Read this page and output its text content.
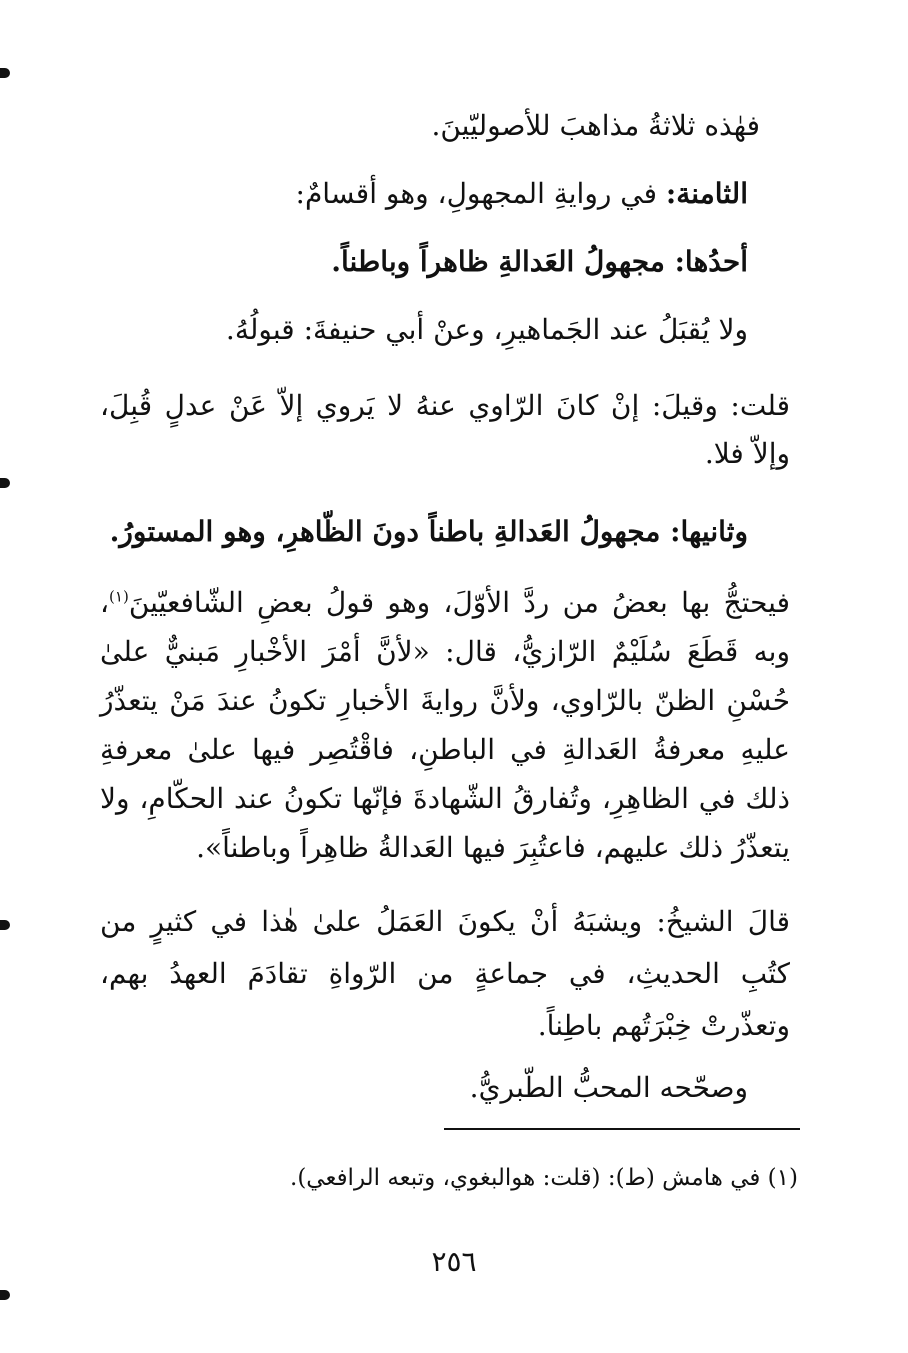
فهٰذه ثلاثةُ مذاهبَ للأصوليّينَ.
الثامنة: في روايةِ المجهولِ، وهو أقسامٌ:
أحدُها: مجهولُ العَدالةِ ظاهراً وباطناً.
ولا يُقبَلُ عند الجَماهيرِ، وعنْ أبي حنيفةَ: قبولُهُ.
قلت: وقيلَ: إنْ كانَ الرّاوي عنهُ لا يَروي إلاّ عَنْ عدلٍ قُبِلَ، وإلاّ فلا.
وثانيها: مجهولُ العَدالةِ باطناً دونَ الظّاهرِ، وهو المستورُ.
فيحتجُّ بها بعضُ من ردَّ الأوّلَ، وهو قولُ بعضِ الشّافعيّينَ$^{(١)}$، وبه قَطَعَ سُلَيْمٌ الرّازيُّ، قال: «لأنَّ أمْرَ الأخْبارِ مَبنيٌّ علىٰ حُسْنِ الظنّ بالرّاوي، ولأنَّ روايةَ الأخبارِ تكونُ عندَ مَنْ يتعذّرُ عليهِ معرفةُ العَدالةِ في الباطنِ، فاقْتُصِر فيها علىٰ معرفةِ ذلك في الظاهِرِ، وتُفارقُ الشّهادةَ فإنّها تكونُ عند الحكّامِ، ولا يتعذّرُ ذلك عليهم، فاعتُبِرَ فيها العَدالةُ ظاهِراً وباطناً».
قالَ الشيخُ: ويشبَهُ أنْ يكونَ العَمَلُ علىٰ هٰذا في كثيرٍ من كتُبِ الحديثِ، في جماعةٍ من الرّواةِ تقادَمَ العهدُ بهم، وتعذّرتْ خِبْرَتُهم باطِناً.
وصحّحه المحبُّ الطّبريُّ.
(١) في هامش (ط): (قلت: هوالبغوي، وتبعه الرافعي).
٢٥٦
